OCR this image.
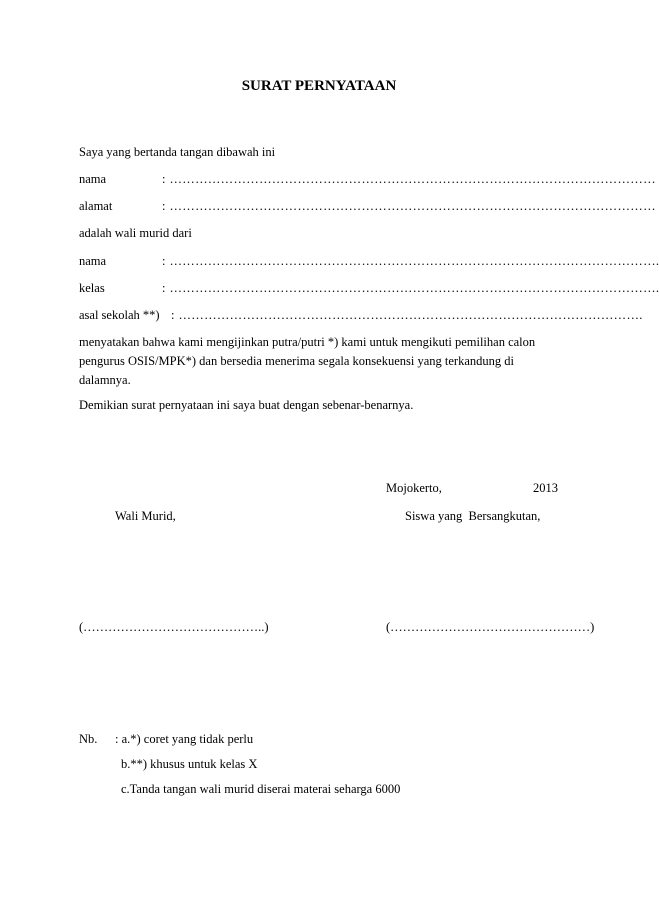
SURAT PERNYATAAN
Saya yang bertanda tangan dibawah ini
nama	: ……………………………………………………………………………………………………
alamat	: ……………………………………………………………………………………………………
adalah wali murid dari
nama	: …………………………………………………………………………………………………….
kelas	: …………………………………………………………………………………………………….
asal sekolah **) : ……………………………………………………………………………………………….
menyatakan bahwa kami mengijinkan putra/putri *) kami untuk mengikuti pemilihan calon pengurus OSIS/MPK*) dan bersedia menerima segala konsekuensi yang terkandung di dalamnya.
Demikian surat pernyataan ini saya buat dengan sebenar-benarnya.
Mojokerto,	2013
Wali Murid,	Siswa yang  Bersangkutan,
(……………………………………..)	(…………………………………………)
Nb. : a.*) coret yang tidak perlu
b.**) khusus untuk kelas X
c.Tanda tangan wali murid diserai materai seharga 6000
